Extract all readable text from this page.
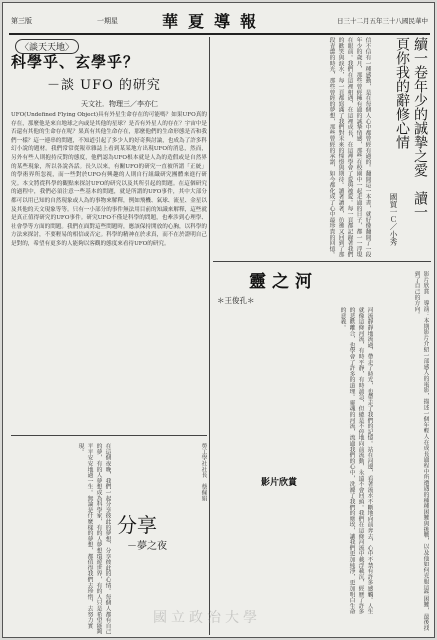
第三版	一期星	華夏導報	日三十二月五年三十八國民華中
〈談天天地〉
科學乎、玄學乎？
－談 UFO 的研究
天文社．物理三／李亦仁
UFO(Undefined Flying Object)具有外星生命存在的可能嗎？如果UFO真的存在，那麼他是來自地球之內或是其他的星球？是否有外星人的存在？宇宙中是否還有其他的生命存在呢？果真有其他生命存在，那麼他們的生命形態是否和我們一樣？這一連串的問題，不知道引起了多少人的好奇與討論，也成為了許多科幻小說的題材。我們常常從報章雜誌上看到某某地方出現UFO的消息，然而，另外有些人則抱持反對的態度，他們認為UFO根本就是人為的造假或是自然界的某些現象，所以各說各話。長久以來，有關UFO的研究一直被所謂「正統」的學術界所忽視，而一些對於UFO有興趣的人則自行組織研究團體來進行研究。本文將從科學的觀點來探討UFO的研究以及其所引起的問題。在這個研究的過程中，我們必須注意一些基本的問題，就是所謂的UFO事件，其中大部分都可以用已知的自然現象或人為的事物來解釋，例如飛機、氣球、流星、金星以及其他的天文現象等等。只有一小部分的事件無法用目前的知識來解釋，這些就是真正值得研究的UFO事件。研究UFO不僅是科學的問題，也牽涉到心理學、社會學等方面的問題。我們在面對這些問題時，應該保持開放的心胸，以科學的方法來探討，不要輕易的相信或否定。科學的精神在於求真，而不在於證明自己是對的，希望有更多的人能夠以客觀的態度來看待UFO的研究。	信不信有一種感動，是在每個人心中都曾經有過的。翻開這一本書，就好像翻開了一段年少的歲月，那些曾經擁有過的誠摯情感，那些在校園中一起走過的日子，都一一浮現在眼前。我們在這裡相遇，在這裡成長，在這裡學會了愛與被愛。每一頁都記錄著我們的歡笑與淚水，每一頁都寫滿了我們對未來的憧憬與期待。讀著讀著，彷彿又回到了那段青澀的時光，那些曾經的夢想，那些曾經的承諾，如今都化成了心中最珍貴的回憶。	續一卷年少的誠摯之愛　讀一頁你我的辭修心情
國貿一Ｃ／小秀
靈之河
＊王俊孔＊
河流靜靜地流過，帶走了時光，也帶走了我們的記憶。站在河邊，看著流水不斷地向前奔去，心中不禁有許多感觸。人生就像這條河流，有時平靜，有時湍急，但總是不停地向前流動，永遠不會回頭。我們在這條河流中載浮載沉，經歷了許多的悲歡離合，也學會了許多的道理。靈魂的河流，流過我們的心中，洗滌了我們的塵埃，讓我們更加純淨，更加明白生命的意義。	影片欣賞　導演：本期影片介紹一部感人的電影，描述一個年輕人在成長過程中所遭遇的種種困難與挑戰，以及他如何克服這些困難，最後找到了自己的方向。
影片欣賞
在這個夜晚，我們一起分享彼此的夢想，分享彼此的心情。每個人都有自己的夢，有的人夢想成為科學家，有的人夢想環遊世界，有的人只是希望能夠平平安安地過一生。無論是什麼樣的夢想，都值得我們去珍惜，去努力實現。
分享
－夢之夜
勞工學社社長　蔡佩娟
國立政治大學
